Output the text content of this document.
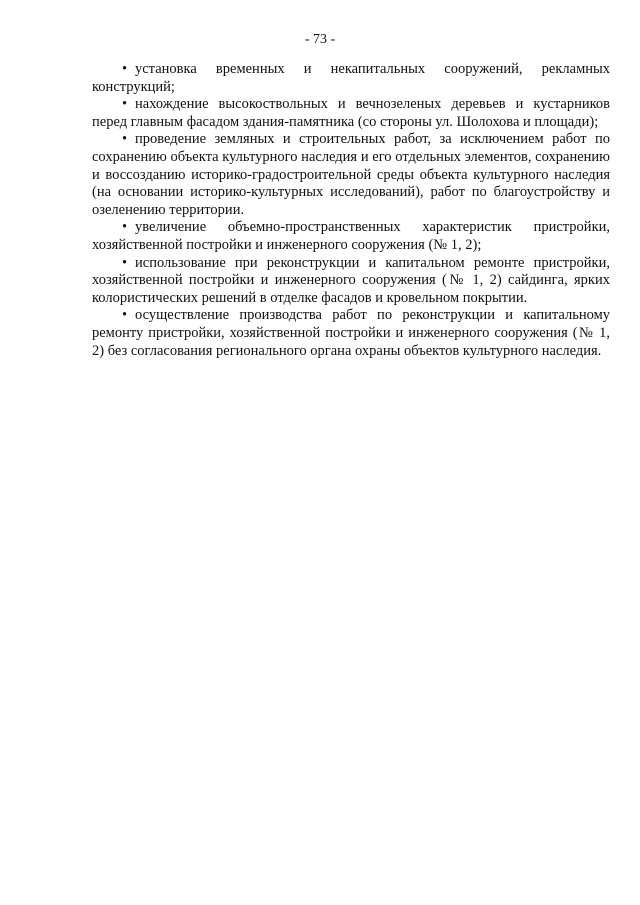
- 73 -

• установка временных и некапитальных сооружений, рекламных конструкций;

• нахождение высокоствольных и вечнозеленых деревьев и кустарников перед главным фасадом здания-памятника (со стороны ул. Шолохова и площади);

• проведение земляных и строительных работ, за исключением работ по сохранению объекта культурного наследия и его отдельных элементов, сохранению и воссозданию историко-градостроительной среды объекта культурного наследия (на основании историко-культурных исследований), работ по благоустройству и озеленению территории.

• увеличение объемно-пространственных характеристик пристройки, хозяйственной постройки и инженерного сооружения (№ 1, 2);

• использование при реконструкции и капитальном ремонте пристройки, хозяйственной постройки и инженерного сооружения (№ 1, 2) сайдинга, ярких колористических решений в отделке фасадов и кровельном покрытии.

• осуществление производства работ по реконструкции и капитальному ремонту пристройки, хозяйственной постройки и инженерного сооружения (№ 1, 2) без согласования регионального органа охраны объектов культурного наследия.
